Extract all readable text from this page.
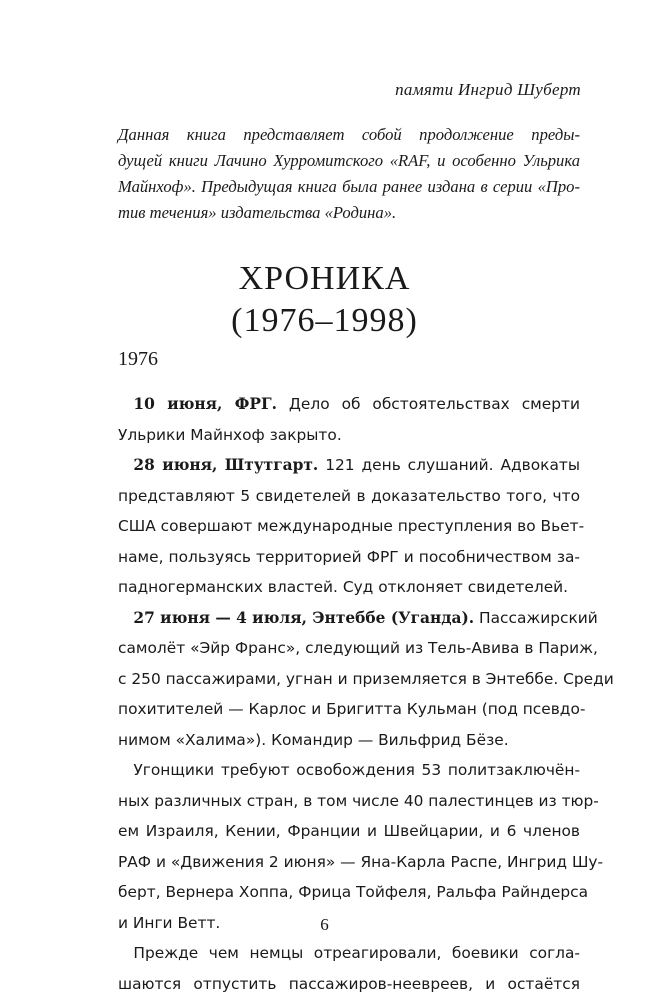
памяти Ингрид Шуберт
Данная книга представляет собой продолжение преды-
дущей книги Лачино Хурромитского «RAF, и особенно Ульрика
Майнхоф». Предыдущая книга была ранее издана в серии «Про-
тив течения» издательства «Родина».
ХРОНИКА
(1976–1998)
1976
 10 июня, ФРГ. Дело об обстоятельствах смерти
Ульрики Майнхоф закрыто.
 28 июня, Штутгарт. 121 день слушаний. Адвокаты
представляют 5 свидетелей в доказательство того, что
США совершают международные преступления во Вьет-
наме, пользуясь территорией ФРГ и пособничеством за-
падногерманских властей. Суд отклоняет свидетелей.
 27 июня — 4 июля, Энтеббе (Уганда). Пассажирский
самолёт «Эйр Франс», следующий из Тель-Авива в Париж,
с 250 пассажирами, угнан и приземляется в Энтеббе. Среди
похитителей — Карлос и Бригитта Кульман (под псевдо-
нимом «Халима»). Командир — Вильфрид Бёзе.
 Угонщики требуют освобождения 53 политзаключён-
ных различных стран, в том числе 40 палестинцев из тюр-
ем Израиля, Кении, Франции и Швейцарии, и 6 членов
РАФ и «Движения 2 июня» — Яна-Карла Распе, Ингрид Шу-
берт, Вернера Хоппа, Фрица Тойфеля, Ральфа Райндерса
и Инги Ветт.
 Прежде чем немцы отреагировали, боевики согла-
шаются отпустить пассажиров-неевреев, и остаётся
6
